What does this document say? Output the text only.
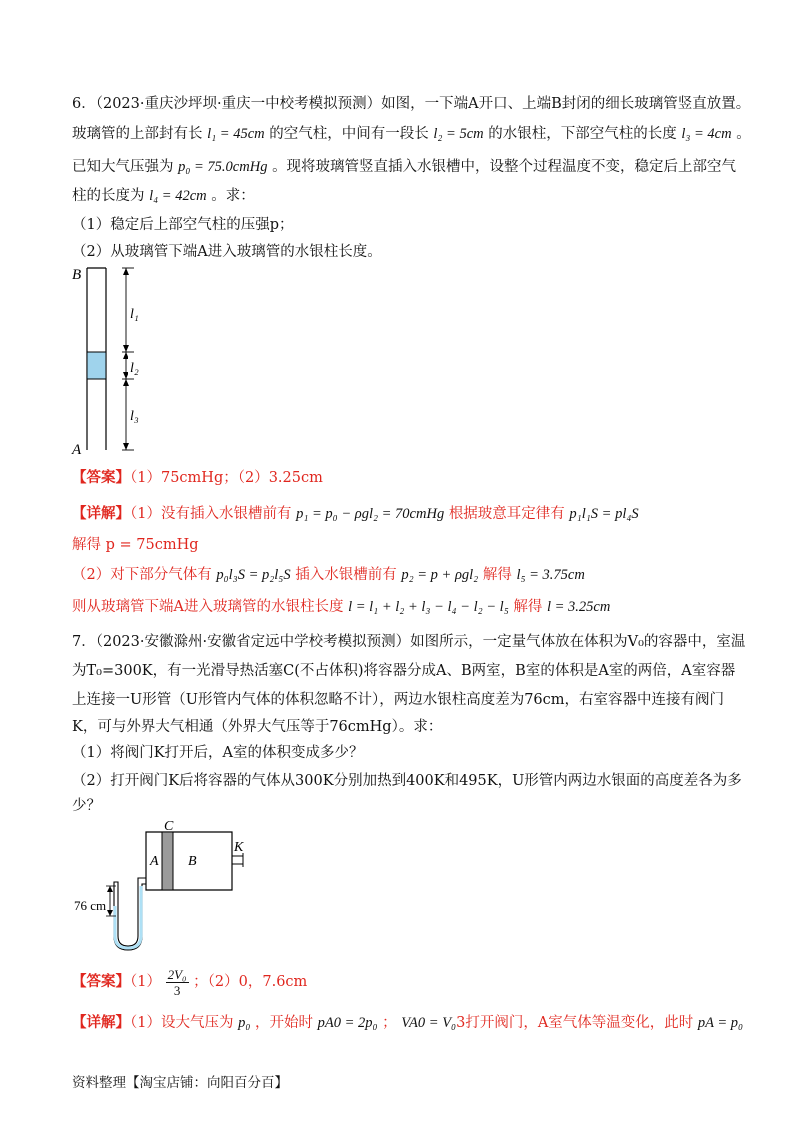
6．（2023·重庆沙坪坝·重庆一中校考模拟预测）如图，一下端A开口、上端B封闭的细长玻璃管竖直放置。
玻璃管的上部封有长 l₁ = 45cm 的空气柱，中间有一段长 l₂ = 5cm 的水银柱，下部空气柱的长度 l₃ = 4cm 。
已知大气压强为 p₀ = 75.0cmHg 。现将玻璃管竖直插入水银槽中，设整个过程温度不变，稳定后上部空气
柱的长度为 l₄ = 42cm 。求：
（1）稳定后上部空气柱的压强p；
（2）从玻璃管下端A进入玻璃管的水银柱长度。
B
A
l₁
l₂
l₃
【答案】（1）75cmHg；（2）3.25cm
【详解】（1）没有插入水银槽前有 p₁ = p₀ − ρgl₂ = 70cmHg 根据玻意耳定律有 p₁l₁S = pl₄S
解得 p = 75cmHg
（2）对下部分气体有 p₀l₃S = p₂l₅S 插入水银槽前有 p₂ = p + ρgl₂ 解得 l₅ = 3.75cm
则从玻璃管下端A进入玻璃管的水银柱长度 l = l₁ + l₂ + l₃ − l₄ − l₂ − l₅ 解得 l = 3.25cm
7．（2023·安徽滁州·安徽省定远中学校考模拟预测）如图所示，一定量气体放在体积为V₀的容器中，室温
为T₀=300K，有一光滑导热活塞C(不占体积)将容器分成A、B两室，B室的体积是A室的两倍，A室容器
上连接一U形管（U形管内气体的体积忽略不计），两边水银柱高度差为76cm，右室容器中连接有阀门
K，可与外界大气相通（外界大气压等于76cmHg）。求：
（1）将阀门K打开后，A室的体积变成多少？
（2）打开阀门K后将容器的气体从300K分别加热到400K和495K，U形管内两边水银面的高度差各为多
少？
76 cm
C
A B
K
【答案】$(1) \frac{\text{2V₀}}{3}$ ；（2）0，7.6cm
【详解】（1）设大气压为 p₀ ，开始时 pA0 = 2p₀ ； VA0 = V₀3打开阀门，A室气体等温变化，此时 pA = p₀
资料整理【淘宝店铺：向阳百分百】
